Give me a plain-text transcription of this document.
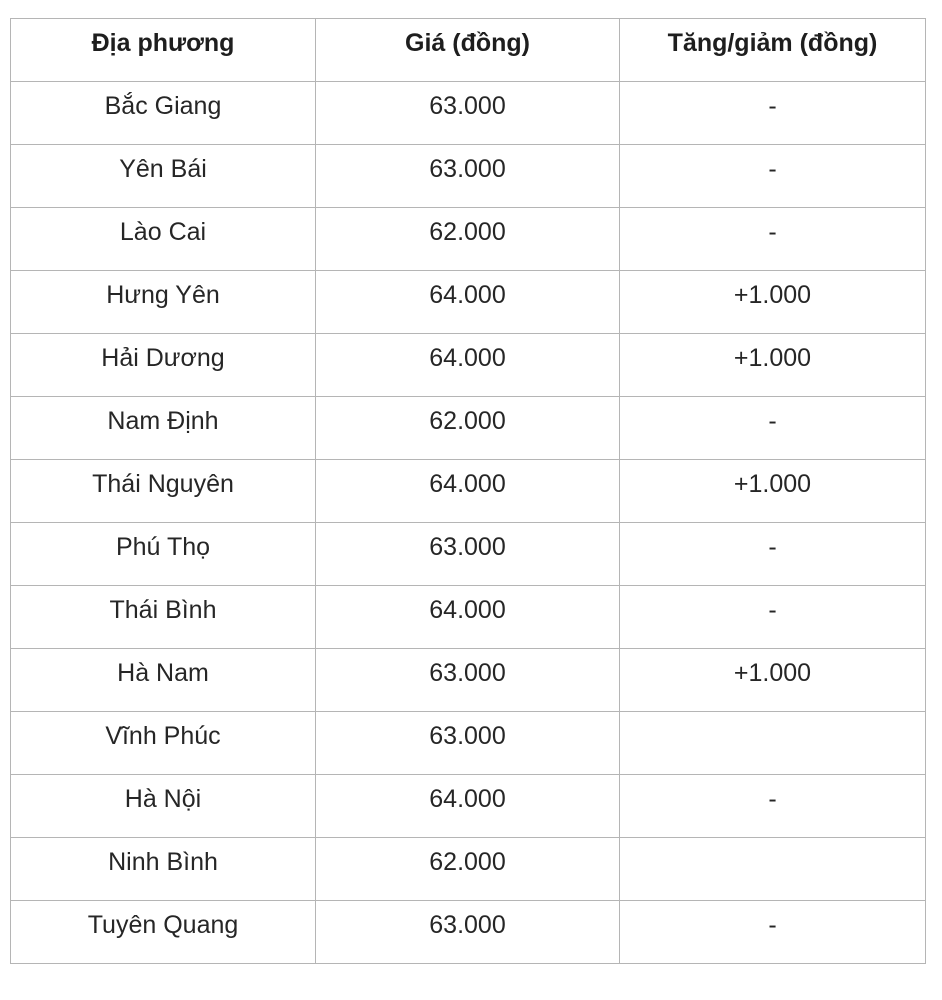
Địa phương	Giá (đồng)	Tăng/giảm (đồng)
Bắc Giang	63.000	-
Yên Bái	63.000	-
Lào Cai	62.000	-
Hưng Yên	64.000	+1.000
Hải Dương	64.000	+1.000
Nam Định	62.000	-
Thái Nguyên	64.000	+1.000
Phú Thọ	63.000	-
Thái Bình	64.000	-
Hà Nam	63.000	+1.000
Vĩnh Phúc	63.000	
Hà Nội	64.000	-
Ninh Bình	62.000	
Tuyên Quang	63.000	-
